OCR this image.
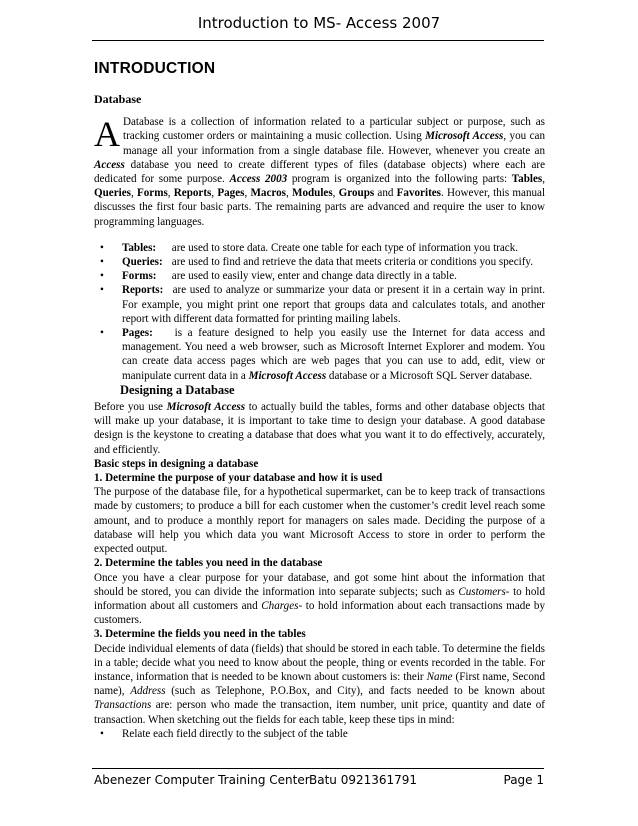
Introduction to MS- Access 2007
INTRODUCTION
Database

A Database is a collection of information related to a particular subject or purpose, such as tracking customer orders or maintaining a music collection. Using Microsoft Access, you can manage all your information from a single database file. However, whenever you create an Access database you need to create different types of files (database objects) where each are dedicated for some purpose. Access 2003 program is organized into the following parts: Tables, Queries, Forms, Reports, Pages, Macros, Modules, Groups and Favorites. However, this manual discusses the first four basic parts. The remaining parts are advanced and require the user to know programming languages.

• Tables: are used to store data. Create one table for each type of information you track.
• Queries: are used to find and retrieve the data that meets criteria or conditions you specify.
• Forms: are used to easily view, enter and change data directly in a table.
• Reports: are used to analyze or summarize your data or present it in a certain way in print. For example, you might print one report that groups data and calculates totals, and another report with different data formatted for printing mailing labels.
• Pages: is a feature designed to help you easily use the Internet for data access and management. You need a web browser, such as Microsoft Internet Explorer and modem. You can create data access pages which are web pages that you can use to add, edit, view or manipulate current data in a Microsoft Access database or a Microsoft SQL Server database.
Designing a Database

Before you use Microsoft Access to actually build the tables, forms and other database objects that will make up your database, it is important to take time to design your database. A good database design is the keystone to creating a database that does what you want it to do effectively, accurately, and efficiently.

Basic steps in designing a database

1. Determine the purpose of your database and how it is used

The purpose of the database file, for a hypothetical supermarket, can be to keep track of transactions made by customers; to produce a bill for each customer when the customer’s credit level reach some amount, and to produce a monthly report for managers on sales made. Deciding the purpose of a database will help you which data you want Microsoft Access to store in order to perform the expected output.

2. Determine the tables you need in the database

Once you have a clear purpose for your database, and got some hint about the information that should be stored, you can divide the information into separate subjects; such as Customers- to hold information about all customers and Charges- to hold information about each transactions made by customers.

3. Determine the fields you need in the tables

Decide individual elements of data (fields) that should be stored in each table. To determine the fields in a table; decide what you need to know about the people, thing or events recorded in the table. For instance, information that is needed to be known about customers is: their Name (First name, Second name), Address (such as Telephone, P.O.Box, and City), and facts needed to be known about Transactions are: person who made the transaction, item number, unit price, quantity and date of transaction. When sketching out the fields for each table, keep these tips in mind:

• Relate each field directly to the subject of the table
Abenezer Computer Training Center Batu 0921361791	Page 1
